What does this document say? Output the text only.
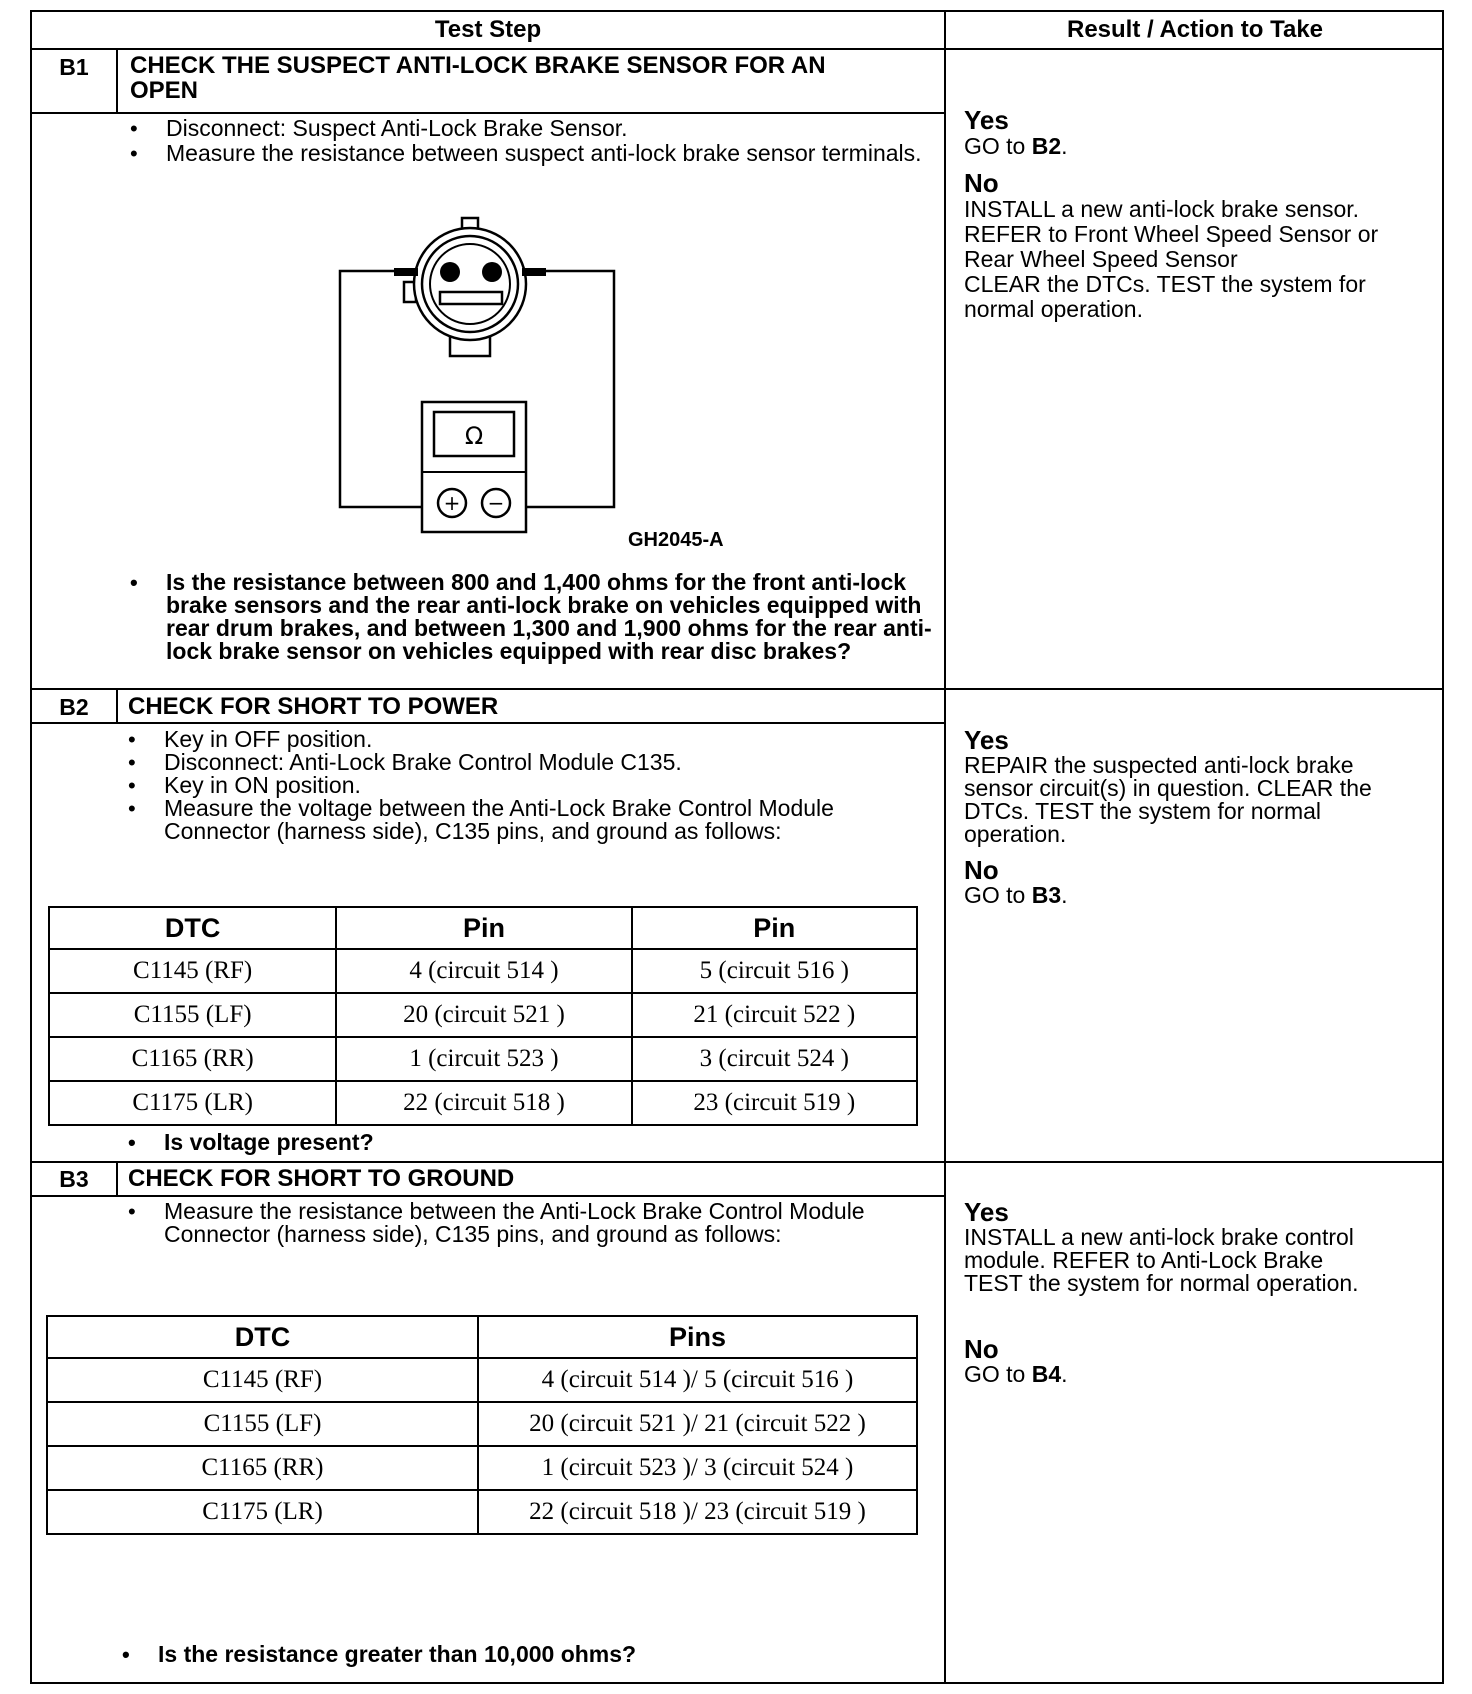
Test Step	Result / Action to Take
B1	CHECK THE SUSPECT ANTI-LOCK BRAKE SENSOR FOR AN OPEN
• Disconnect: Suspect Anti-Lock Brake Sensor.
• Measure the resistance between suspect anti-lock brake sensor terminals.
Ω
+ −
GH2045-A
• Is the resistance between 800 and 1,400 ohms for the front anti-lock brake sensors and the rear anti-lock brake on vehicles equipped with rear drum brakes, and between 1,300 and 1,900 ohms for the rear anti-lock brake sensor on vehicles equipped with rear disc brakes?
Yes
GO to B2.
No
INSTALL a new anti-lock brake sensor.
REFER to Front Wheel Speed Sensor or
Rear Wheel Speed Sensor
CLEAR the DTCs. TEST the system for
normal operation.
B2	CHECK FOR SHORT TO POWER
• Key in OFF position.
• Disconnect: Anti-Lock Brake Control Module C135.
• Key in ON position.
• Measure the voltage between the Anti-Lock Brake Control Module Connector (harness side), C135 pins, and ground as follows:
DTC	Pin	Pin
C1145 (RF)	4 (circuit 514 )	5 (circuit 516 )
C1155 (LF)	20 (circuit 521 )	21 (circuit 522 )
C1165 (RR)	1 (circuit 523 )	3 (circuit 524 )
C1175 (LR)	22 (circuit 518 )	23 (circuit 519 )
• Is voltage present?
Yes
REPAIR the suspected anti-lock brake
sensor circuit(s) in question. CLEAR the
DTCs. TEST the system for normal
operation.
No
GO to B3.
B3	CHECK FOR SHORT TO GROUND
• Measure the resistance between the Anti-Lock Brake Control Module Connector (harness side), C135 pins, and ground as follows:
DTC	Pins
C1145 (RF)	4 (circuit 514 )/ 5 (circuit 516 )
C1155 (LF)	20 (circuit 521 )/ 21 (circuit 522 )
C1165 (RR)	1 (circuit 523 )/ 3 (circuit 524 )
C1175 (LR)	22 (circuit 518 )/ 23 (circuit 519 )
• Is the resistance greater than 10,000 ohms?
Yes
INSTALL a new anti-lock brake control
module. REFER to Anti-Lock Brake
TEST the system for normal operation.
No
GO to B4.
